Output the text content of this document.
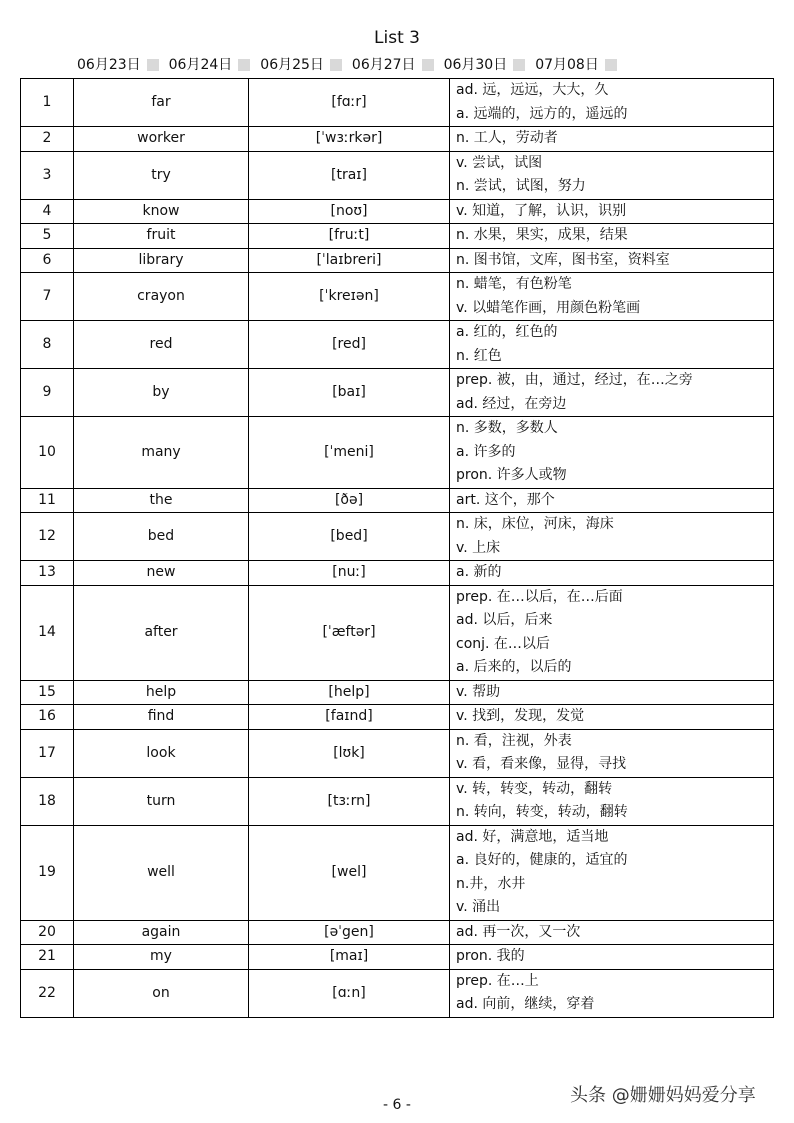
List 3
06月23日 06月24日 06月25日 06月27日 06月30日 07月08日
1	far	[fɑːr]	ad. 远，远远，大大，久
a. 远端的，远方的，遥远的

2	worker	[ˈwɜːrkər]	n. 工人，劳动者

3	try	[traɪ]	v. 尝试，试图
n. 尝试，试图，努力

4	know	[noʊ]	v. 知道，了解，认识，识别

5	fruit	[fruːt]	n. 水果，果实，成果，结果

6	library	[ˈlaɪbreri]	n. 图书馆，文库，图书室，资料室

7	crayon	[ˈkreɪən]	n. 蜡笔，有色粉笔
v. 以蜡笔作画，用颜色粉笔画

8	red	[red]	a. 红的，红色的
n. 红色

9	by	[baɪ]	prep. 被，由，通过，经过，在…之旁
ad. 经过，在旁边

10	many	[ˈmeni]	n. 多数，多数人
a. 许多的
pron. 许多人或物

11	the	[ðə]	art. 这个，那个

12	bed	[bed]	n. 床，床位，河床，海床
v. 上床

13	new	[nuː]	a. 新的

14	after	[ˈæftər]	prep. 在…以后，在…后面
ad. 以后，后来
conj. 在…以后
a. 后来的，以后的

15	help	[help]	v. 帮助

16	find	[faɪnd]	v. 找到，发现，发觉

17	look	[lʊk]	n. 看，注视，外表
v. 看，看来像，显得，寻找

18	turn	[tɜːrn]	v. 转，转变，转动，翻转
n. 转向，转变，转动，翻转

19	well	[wel]	ad. 好，满意地，适当地
a. 良好的，健康的，适宜的
n.井，水井
v. 涌出

20	again	[əˈgen]	ad. 再一次，又一次

21	my	[maɪ]	pron. 我的

22	on	[ɑːn]	prep. 在…上
ad. 向前，继续，穿着
头条 @姗姗妈妈爱分享
- 6 -
